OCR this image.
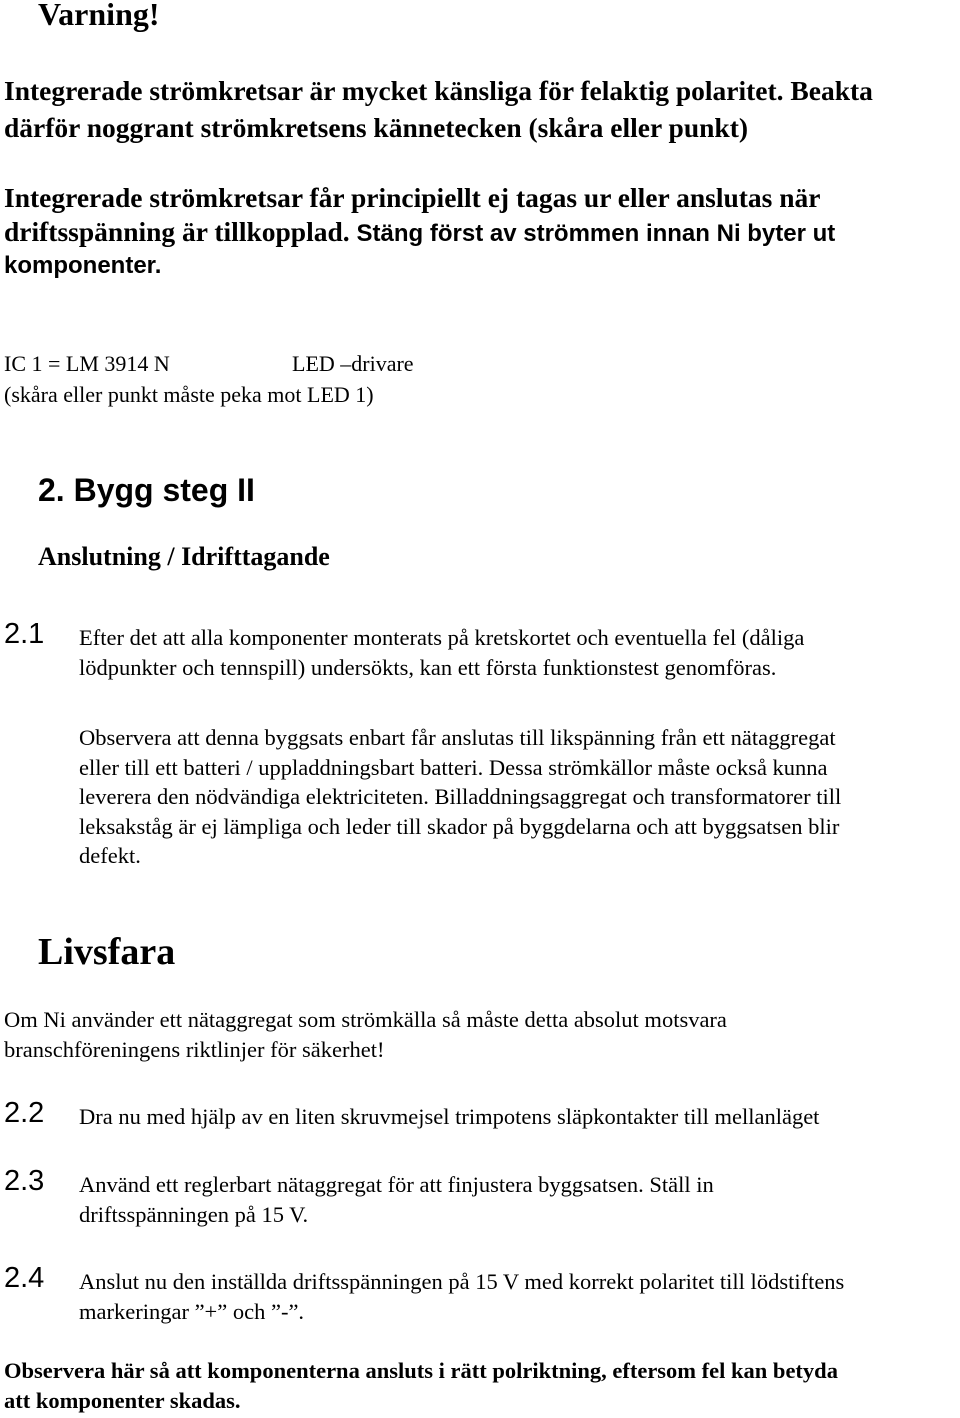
Varning!
Integrerade strömkretsar är mycket känsliga för felaktig polaritet. Beakta
därför noggrant strömkretsens kännetecken (skåra eller punkt)
Integrerade strömkretsar får principiellt ej tagas ur eller anslutas när
driftsspänning är tillkopplad. Stäng först av strömmen innan Ni byter ut
komponenter.
IC 1 = LM 3914 N	LED –drivare
(skåra eller punkt måste peka mot LED 1)
2. Bygg steg II
Anslutning / Idrifttagande
2.1 Efter det att alla komponenter monterats på kretskortet och eventuella fel (dåliga
lödpunkter och tennspill) undersökts, kan ett första funktionstest genomföras.
Observera att denna byggsats enbart får anslutas till likspänning från ett nätaggregat
eller till ett batteri / uppladdningsbart batteri. Dessa strömkällor måste också kunna
leverera den nödvändiga elektriciteten. Billaddningsaggregat och transformatorer till
leksakståg är ej lämpliga och leder till skador på byggdelarna och att byggsatsen blir
defekt.
Livsfara
Om Ni använder ett nätaggregat som strömkälla så måste detta absolut motsvara
branschföreningens riktlinjer för säkerhet!
2.2 Dra nu med hjälp av en liten skruvmejsel trimpotens släpkontakter till mellanläget
2.3 Använd ett reglerbart nätaggregat för att finjustera byggsatsen. Ställ in
driftsspänningen på 15 V.
2.4 Anslut nu den inställda driftsspänningen på 15 V med korrekt polaritet till lödstiftens
markeringar ”+” och ”-”.
Observera här så att komponenterna ansluts i rätt polriktning, eftersom fel kan betyda
att komponenter skadas.
